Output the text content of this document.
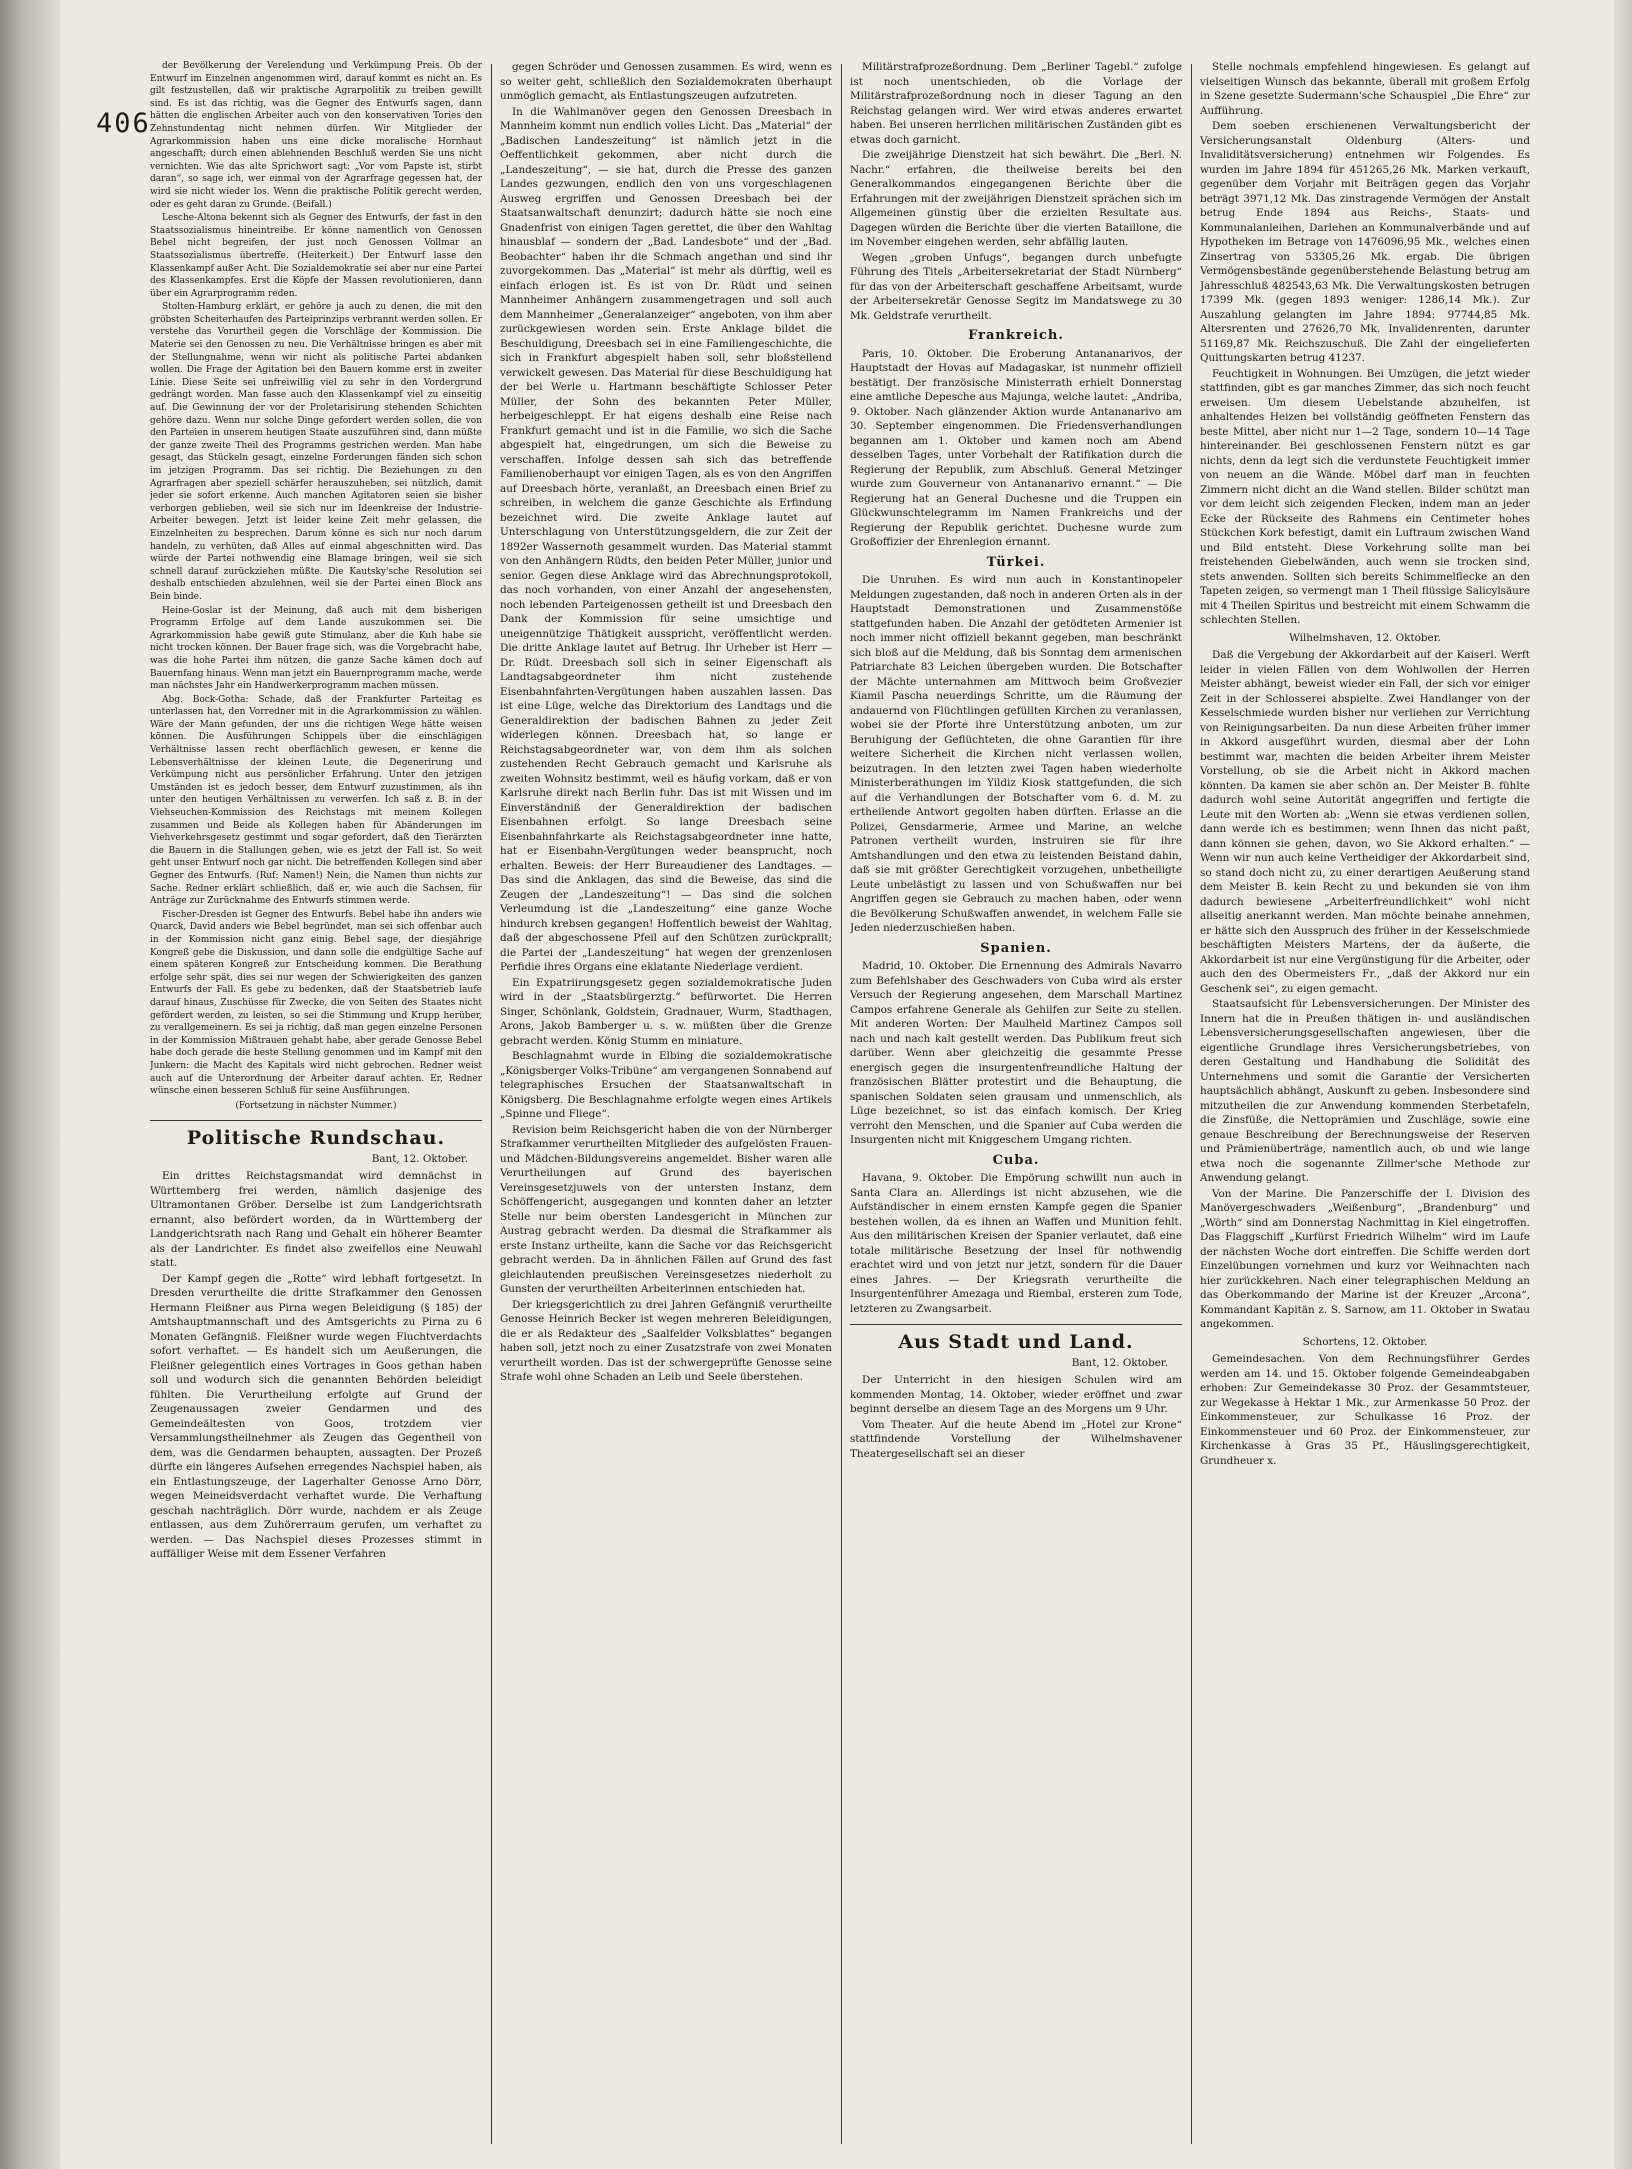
406

der Bevölkerung der Verelendung und Verkümpung Preis. Ob der Entwurf im Einzelnen angenommen wird, darauf kommt es nicht an. Es gilt festzustellen, daß wir praktische Agrarpolitik zu treiben gewillt sind. Es ist das richtig, was die Gegner des Entwurfs sagen, dann hätten die englischen Arbeiter auch von den konservativen Tories den Zehnstundentag nicht nehmen dürfen. Wir Mitglieder der Agrarkommission haben uns eine dicke moralische Hornhaut angeschafft; durch einen ablehnenden Beschluß werden Sie uns nicht vernichten. Wie das alte Sprichwort sagt: „Vor vom Papste ist, stirbt daran“, so sage ich, wer einmal von der Agrarfrage gegessen hat, der wird sie nicht wieder los. Wenn die praktische Politik gerecht werden, oder es geht daran zu Grunde. (Beifall.)

Lesche-Altona bekennt sich als Gegner des Entwurfs, der fast in den Staatssozialismus hineintreibe. Er könne namentlich von Genossen Bebel nicht begreifen, der just noch Genossen Vollmar an Staatssozialismus übertreffe. (Heiterkeit.) Der Entwurf lasse den Klassenkampf außer Acht. Die Sozialdemokratie sei aber nur eine Partei des Klassenkampfes. Erst die Köpfe der Massen revolutionieren, dann über ein Agrarprogramm reden.

Stolten-Hamburg erklärt, er gehöre ja auch zu denen, die mit den gröbsten Scheiterhaufen des Parteiprinzips verbrannt werden sollen. Er verstehe das Vorurtheil gegen die Vorschläge der Kommission. Die Materie sei den Genossen zu neu. Die Verhältnisse bringen es aber mit der Stellungnahme, wenn wir nicht als politische Partei abdanken wollen. Die Frage der Agitation bei den Bauern komme erst in zweiter Linie. Diese Seite sei unfreiwillig viel zu sehr in den Vordergrund gedrängt worden. Man fasse auch den Klassenkampf viel zu einseitig auf. Die Gewinnung der vor der Proletarisirung stehenden Schichten gehöre dazu. Wenn nur solche Dinge gefordert werden sollen, die von den Parteien in unserem heutigen Staate auszuführen sind, dann müßte der ganze zweite Theil des Programms gestrichen werden. Man habe gesagt, das Stückeln gesagt, einzelne Forderungen fänden sich schon im jetzigen Programm. Das sei richtig. Die Beziehungen zu den Agrarfragen aber speziell schärfer herauszuheben, sei nützlich, damit jeder sie sofort erkenne. Auch manchen Agitatoren seien sie bisher verborgen geblieben, weil sie sich nur im Ideenkreise der Industrie-Arbeiter bewegen. Jetzt ist leider keine Zeit mehr gelassen, die Einzelnheiten zu besprechen. Darum könne es sich nur noch darum handeln, zu verhüten, daß Alles auf einmal abgeschnitten wird. Das würde der Partei nothwendig eine Blamage bringen, weil sie sich schnell darauf zurückziehen müßte. Die Kautsky'sche Resolution sei deshalb entschieden abzulehnen, weil sie der Partei einen Block ans Bein binde.

Heine-Goslar ist der Meinung, daß auch mit dem bisherigen Programm Erfolge auf dem Lande auszukommen sei. Die Agrarkommission habe gewiß gute Stimulanz, aber die Kuh habe sie nicht trocken können. Der Bauer frage sich, was die Vorgebracht habe, was die hohe Partei ihm nützen, die ganze Sache kämen doch auf Bauernfang hinaus. Wenn man jetzt ein Bauernprogramm mache, werde man nächstes Jahr ein Handwerkerprogramm machen müssen.

Abg. Bock-Gotha: Schade, daß der Frankfurter Parteitag es unterlassen hat, den Vorredner mit in die Agrarkommission zu wählen. Wäre der Mann gefunden, der uns die richtigen Wege hätte weisen können. Die Ausführungen Schippels über die einschlägigen Verhältnisse lassen recht oberflächlich gewesen, er kenne die Lebensverhältnisse der kleinen Leute, die Degenerirung und Verkümpung nicht aus persönlicher Erfahrung. Unter den jetzigen Umständen ist es jedoch besser, dem Entwurf zuzustimmen, als ihn unter den heutigen Verhältnissen zu verwerfen. Ich saß z. B. in der Viehseuchen-Kommission des Reichstags mit meinem Kollegen zusammen und Beide als Kollegen haben für Abänderungen im Viehverkehrsgesetz gestimmt und sogar gefordert, daß den Tierärzten die Bauern in die Stallungen gehen, wie es jetzt der Fall ist. So weit geht unser Entwurf noch gar nicht. Die betreffenden Kollegen sind aber Gegner des Entwurfs. (Ruf: Namen!) Nein, die Namen thun nichts zur Sache. Redner erklärt schließlich, daß er, wie auch die Sachsen, für Anträge zur Zurücknahme des Entwurfs stimmen werde.

Fischer-Dresden ist Gegner des Entwurfs. Bebel habe ihn anders wie Quarck, David anders wie Bebel begründet, man sei sich offenbar auch in der Kommission nicht ganz einig. Bebel sage, der diesjährige Kongreß gebe die Diskussion, und dann solle die endgültige Sache auf einem späteren Kongreß zur Entscheidung kommen. Die Berathung erfolge sehr spät, dies sei nur wegen der Schwierigkeiten des ganzen Entwurfs der Fall. Es gebe zu bedenken, daß der Staatsbetrieb laufe darauf hinaus, Zuschüsse für Zwecke, die von Seiten des Staates nicht gefördert werden, zu leisten, so sei die Stimmung und Krupp herüber, zu verallgemeinern. Es sei ja richtig, daß man gegen einzelne Personen in der Kommission Mißtrauen gehabt habe, aber gerade Genosse Bebel habe doch gerade die beste Stellung genommen und im Kampf mit den Junkern: die Macht des Kapitals wird nicht gebrochen. Redner weist auch auf die Unterordnung der Arbeiter darauf achten. Er, Redner wünsche einen besseren Schluß für seine Ausführungen.

(Fortsetzung in nächster Nummer.)
Politische Rundschau.
Bant, 12. Oktober.

Ein drittes Reichstagsmandat wird demnächst in Württemberg frei werden, nämlich dasjenige des Ultramontanen Gröber. Derselbe ist zum Landgerichtsrath ernannt, also befördert worden, da in Württemberg der Landgerichtsrath nach Rang und Gehalt ein höherer Beamter als der Landrichter. Es findet also zweifellos eine Neuwahl statt.

Der Kampf gegen die „Rotte“ wird lebhaft fortgesetzt. In Dresden verurtheilte die dritte Strafkammer den Genossen Hermann Fleißner aus Pirna wegen Beleidigung (§ 185) der Amtshauptmannschaft und des Amtsgerichts zu Pirna zu 6 Monaten Gefängniß. Fleißner wurde wegen Fluchtverdachts sofort verhaftet. — Es handelt sich um Aeußerungen, die Fleißner gelegentlich eines Vortrages in Goos gethan haben soll und wodurch sich die genannten Behörden beleidigt fühlten. Die Verurtheilung erfolgte auf Grund der Zeugenaussagen zweier Gendarmen und des Gemeindeältesten von Goos, trotzdem vier Versammlungstheilnehmer als Zeugen das Gegentheil von dem, was die Gendarmen behaupten, aussagten. Der Prozeß dürfte ein längeres Aufsehen erregendes Nachspiel haben, als ein Entlastungszeuge, der Lagerhalter Genosse Arno Dörr, wegen Meineidsverdacht verhaftet wurde. Die Verhaftung geschah nachträglich. Dörr wurde, nachdem er als Zeuge entlassen, aus dem Zuhörerraum gerufen, um verhaftet zu werden. — Das Nachspiel dieses Prozesses stimmt in auffälliger Weise mit dem Essener Verfahren

gegen Schröder und Genossen zusammen. Es wird, wenn es so weiter geht, schließlich den Sozialdemokraten überhaupt unmöglich gemacht, als Entlastungszeugen aufzutreten.

In die Wahlmanöver gegen den Genossen Dreesbach in Mannheim kommt nun endlich volles Licht. Das „Material“ der „Badischen Landeszeitung“ ist nämlich jetzt in die Oeffentlichkeit gekommen, aber nicht durch die „Landeszeitung“, — sie hat, durch die Presse des ganzen Landes gezwungen, endlich den von uns vorgeschlagenen Ausweg ergriffen und Genossen Dreesbach bei der Staatsanwaltschaft denunzirt; dadurch hätte sie noch eine Gnadenfrist von einigen Tagen gerettet, die über den Wahltag hinausblaf — sondern der „Bad. Landesbote“ und der „Bad. Beobachter“ haben ihr die Schmach angethan und sind ihr zuvorgekommen. Das „Material“ ist mehr als dürftig, weil es einfach erlogen ist. Es ist von Dr. Rüdt und seinen Mannheimer Anhängern zusammengetragen und soll auch dem Mannheimer „Generalanzeiger“ angeboten, von ihm aber zurückgewiesen worden sein. Erste Anklage bildet die Beschuldigung, Dreesbach sei in eine Familiengeschichte, die sich in Frankfurt abgespielt haben soll, sehr bloßstellend verwickelt gewesen. Das Material für diese Beschuldigung hat der bei Werle u. Hartmann beschäftigte Schlosser Peter Müller, der Sohn des bekannten Peter Müller, herbeigeschleppt. Er hat eigens deshalb eine Reise nach Frankfurt gemacht und ist in die Familie, wo sich die Sache abgespielt hat, eingedrungen, um sich die Beweise zu verschaffen. Infolge dessen sah sich das betreffende Familienoberhaupt vor einigen Tagen, als es von den Angriffen auf Dreesbach hörte, veranlaßt, an Dreesbach einen Brief zu schreiben, in welchem die ganze Geschichte als Erfindung bezeichnet wird. Die zweite Anklage lautet auf Unterschlagung von Unterstützungsgeldern, die zur Zeit der 1892er Wassernoth gesammelt wurden. Das Material stammt von den Anhängern Rüdts, den beiden Peter Müller, junior und senior. Gegen diese Anklage wird das Abrechnungsprotokoll, das noch vorhanden, von einer Anzahl der angesehensten, noch lebenden Parteigenossen getheilt ist und Dreesbach den Dank der Kommission für seine umsichtige und uneigennützige Thätigkeit ausspricht, veröffentlicht werden. Die dritte Anklage lautet auf Betrug. Ihr Urheber ist Herr — Dr. Rüdt. Dreesbach soll sich in seiner Eigenschaft als Landtagsabgeordneter ihm nicht zustehende Eisenbahnfahrten-Vergütungen haben auszahlen lassen. Das ist eine Lüge, welche das Direktorium des Landtags und die Generaldirektion der badischen Bahnen zu jeder Zeit widerlegen können. Dreesbach hat, so lange er Reichstagsabgeordneter war, von dem ihm als solchen zustehenden Recht Gebrauch gemacht und Karlsruhe als zweiten Wohnsitz bestimmt, weil es häufig vorkam, daß er von Karlsruhe direkt nach Berlin fuhr. Das ist mit Wissen und im Einverständniß der Generaldirektion der badischen Eisenbahnen erfolgt. So lange Dreesbach seine Eisenbahnfahrkarte als Reichstagsabgeordneter inne hatte, hat er Eisenbahn-Vergütungen weder beansprucht, noch erhalten. Beweis: der Herr Bureaudiener des Landtages. — Das sind die Anklagen, das sind die Beweise, das sind die Zeugen der „Landeszeitung“! — Das sind die solchen Verleumdung ist die „Landeszeitung“ eine ganze Woche hindurch krebsen gegangen! Hoffentlich beweist der Wahltag, daß der abgeschossene Pfeil auf den Schützen zurückprallt; die Partei der „Landeszeitung“ hat wegen der grenzenlosen Perfidie ihres Organs eine eklatante Niederlage verdient.

Ein Expatriirungsgesetz gegen sozialdemokratische Juden wird in der „Staatsbürgerztg.“ befürwortet. Die Herren Singer, Schönlank, Goldstein, Gradnauer, Wurm, Stadthagen, Arons, Jakob Bamberger u. s. w. müßten über die Grenze gebracht werden. König Stumm en miniature.

Beschlagnahmt wurde in Elbing die sozialdemokratische „Königsberger Volks-Tribüne“ am vergangenen Sonnabend auf telegraphisches Ersuchen der Staatsanwaltschaft in Königsberg. Die Beschlagnahme erfolgte wegen eines Artikels „Spinne und Fliege“.

Revision beim Reichsgericht haben die von der Nürnberger Strafkammer verurtheilten Mitglieder des aufgelösten Frauen- und Mädchen-Bildungsvereins angemeldet. Bisher waren alle Verurtheilungen auf Grund des bayerischen Vereinsgesetzjuwels von der untersten Instanz, dem Schöffengericht, ausgegangen und konnten daher an letzter Stelle nur beim obersten Landesgericht in München zur Austrag gebracht werden. Da diesmal die Strafkammer als erste Instanz urtheilte, kann die Sache vor das Reichsgericht gebracht werden. Da in ähnlichen Fällen auf Grund des fast gleichlautenden preußischen Vereinsgesetzes niederholt zu Gunsten der verurtheilten Arbeiterinnen entschieden hat.

Der kriegsgerichtlich zu drei Jahren Gefängniß verurtheilte Genosse Heinrich Becker ist wegen mehreren Beleidigungen, die er als Redakteur des „Saalfelder Volksblattes“ begangen haben soll, jetzt noch zu einer Zusatzstrafe von zwei Monaten verurtheilt worden. Das ist der schwergeprüfte Genosse seine Strafe wohl ohne Schaden an Leib und Seele überstehen.

Militärstrafprozeßordnung. Dem „Berliner Tagebl.“ zufolge ist noch unentschieden, ob die Vorlage der Militärstrafprozeßordnung noch in dieser Tagung an den Reichstag gelangen wird. Wer wird etwas anderes erwartet haben. Bei unseren herrlichen militärischen Zuständen gibt es etwas doch garnicht.

Die zweijährige Dienstzeit hat sich bewährt. Die „Berl. N. Nachr.“ erfahren, die theilweise bereits bei den Generalkommandos eingegangenen Berichte über die Erfahrungen mit der zweijährigen Dienstzeit sprächen sich im Allgemeinen günstig über die erzielten Resultate aus. Dagegen würden die Berichte über die vierten Bataillone, die im November eingehen werden, sehr abfällig lauten.

Wegen „groben Unfugs“, begangen durch unbefugte Führung des Titels „Arbeitersekretariat der Stadt Nürnberg“ für das von der Arbeiterschaft geschaffene Arbeitsamt, wurde der Arbeitersekretär Genosse Segitz im Mandatswege zu 30 Mk. Geldstrafe verurtheilt.

Frankreich.

Paris, 10. Oktober. Die Eroberung Antananarivos, der Hauptstadt der Hovas auf Madagaskar, ist nunmehr offiziell bestätigt. Der französische Ministerrath erhielt Donnerstag eine amtliche Depesche aus Majunga, welche lautet: „Andriba, 9. Oktober. Nach glänzender Aktion wurde Antananarivo am 30. September eingenommen. Die Friedensverhandlungen begannen am 1. Oktober und kamen noch am Abend desselben Tages, unter Vorbehalt der Ratifikation durch die Regierung der Republik, zum Abschluß. General Metzinger wurde zum Gouverneur von Antananarivo ernannt.“ — Die Regierung hat an General Duchesne und die Truppen ein Glückwunschtelegramm im Namen Frankreichs und der Regierung der Republik gerichtet. Duchesne wurde zum Großoffizier der Ehrenlegion ernannt.

Türkei.

Die Unruhen. Es wird nun auch in Konstantinopeler Meldungen zugestanden, daß noch in anderen Orten als in der Hauptstadt Demonstrationen und Zusammenstöße stattgefunden haben. Die Anzahl der getödteten Armenier ist noch immer nicht offiziell bekannt gegeben, man beschränkt sich bloß auf die Meldung, daß bis Sonntag dem armenischen Patriarchate 83 Leichen übergeben wurden. Die Botschafter der Mächte unternahmen am Mittwoch beim Großvezier Kiamil Pascha neuerdings Schritte, um die Räumung der andauernd von Flüchtlingen gefüllten Kirchen zu veranlassen, wobei sie der Pforte ihre Unterstützung anboten, um zur Beruhigung der Geflüchteten, die ohne Garantien für ihre weitere Sicherheit die Kirchen nicht verlassen wollen, beizutragen. In den letzten zwei Tagen haben wiederholte Ministerberathungen im Yildiz Kiosk stattgefunden, die sich auf die Verhandlungen der Botschafter vom 6. d. M. zu ertheilende Antwort gegolten haben dürften. Erlasse an die Polizei, Gensdarmerie, Armee und Marine, an welche Patronen vertheilt wurden, instruiren sie für ihre Amtshandlungen und den etwa zu leistenden Beistand dahin, daß sie mit größter Gerechtigkeit vorzugehen, unbetheiligte Leute unbelästigt zu lassen und von Schußwaffen nur bei Angriffen gegen sie Gebrauch zu machen haben, oder wenn die Bevölkerung Schußwaffen anwendet, in welchem Falle sie Jeden niederzuschießen haben.

Spanien.

Madrid, 10. Oktober. Die Ernennung des Admirals Navarro zum Befehlshaber des Geschwaders von Cuba wird als erster Versuch der Regierung angesehen, dem Marschall Martinez Campos erfahrene Generale als Gehilfen zur Seite zu stellen. Mit anderen Worten: Der Maulheld Martinez Campos soll nach und nach kalt gestellt werden. Das Publikum freut sich darüber. Wenn aber gleichzeitig die gesammte Presse energisch gegen die insurgentenfreundliche Haltung der französischen Blätter protestirt und die Behauptung, die spanischen Soldaten seien grausam und unmenschlich, als Lüge bezeichnet, so ist das einfach komisch. Der Krieg verroht den Menschen, und die Spanier auf Cuba werden die Insurgenten nicht mit Kniggeschem Umgang richten.

Cuba.

Havana, 9. Oktober. Die Empörung schwillt nun auch in Santa Clara an. Allerdings ist nicht abzusehen, wie die Aufständischer in einem ernsten Kampfe gegen die Spanier bestehen wollen, da es ihnen an Waffen und Munition fehlt. Aus den militärischen Kreisen der Spanier verlautet, daß eine totale militärische Besetzung der Insel für nothwendig erachtet wird und von jetzt nur jetzt, sondern für die Dauer eines Jahres. — Der Kriegsrath verurtheilte die Insurgentenführer Amezaga und Riembal, ersteren zum Tode, letzteren zu Zwangsarbeit.

Aus Stadt und Land.
Bant, 12. Oktober.

Der Unterricht in den hiesigen Schulen wird am kommenden Montag, 14. Oktober, wieder eröffnet und zwar beginnt derselbe an diesem Tage an des Morgens um 9 Uhr.

Vom Theater. Auf die heute Abend im „Hotel zur Krone“ stattfindende Vorstellung der Wilhelmshavener Theatergesellschaft sei an dieser

Stelle nochmals empfehlend hingewiesen. Es gelangt auf vielseitigen Wunsch das bekannte, überall mit großem Erfolg in Szene gesetzte Sudermann'sche Schauspiel „Die Ehre“ zur Aufführung.

Dem soeben erschienenen Verwaltungsbericht der Versicherungsanstalt Oldenburg (Alters- und Invaliditätsversicherung) entnehmen wir Folgendes. Es wurden im Jahre 1894 für 451265,26 Mk. Marken verkauft, gegenüber dem Vorjahr mit Beiträgen gegen das Vorjahr beträgt 3971,12 Mk. Das zinstragende Vermögen der Anstalt betrug Ende 1894 aus Reichs-, Staats- und Kommunalanleihen, Darlehen an Kommunalverbände und auf Hypotheken im Betrage von 1476096,95 Mk., welches einen Zinsertrag von 53305,26 Mk. ergab. Die übrigen Vermögensbestände gegenüberstehende Belastung betrug am Jahresschluß 482543,63 Mk. Die Verwaltungskosten betrugen 17399 Mk. (gegen 1893 weniger: 1286,14 Mk.). Zur Auszahlung gelangten im Jahre 1894: 97744,85 Mk. Altersrenten und 27626,70 Mk. Invalidenrenten, darunter 51169,87 Mk. Reichszuschuß. Die Zahl der eingelieferten Quittungskarten betrug 41237.

Feuchtigkeit in Wohnungen. Bei Umzügen, die jetzt wieder stattfinden, gibt es gar manches Zimmer, das sich noch feucht erweisen. Um diesem Uebelstande abzuhelfen, ist anhaltendes Heizen bei vollständig geöffneten Fenstern das beste Mittel, aber nicht nur 1—2 Tage, sondern 10—14 Tage hintereinander. Bei geschlossenen Fenstern nützt es gar nichts, denn da legt sich die verdunstete Feuchtigkeit immer von neuem an die Wände. Möbel darf man in feuchten Zimmern nicht dicht an die Wand stellen. Bilder schützt man vor dem leicht sich zeigenden Flecken, indem man an jeder Ecke der Rückseite des Rahmens ein Centimeter hohes Stückchen Kork befestigt, damit ein Luftraum zwischen Wand und Bild entsteht. Diese Vorkehrung sollte man bei freistehenden Giebelwänden, auch wenn sie trocken sind, stets anwenden. Sollten sich bereits Schimmelflecke an den Tapeten zeigen, so vermengt man 1 Theil flüssige Salicylsäure mit 4 Theilen Spiritus und bestreicht mit einem Schwamm die schlechten Stellen.

Wilhelmshaven, 12. Oktober.

Daß die Vergebung der Akkordarbeit auf der Kaiserl. Werft leider in vielen Fällen von dem Wohlwollen der Herren Meister abhängt, beweist wieder ein Fall, der sich vor einiger Zeit in der Schlosserei abspielte. Zwei Handlanger von der Kesselschmiede wurden bisher nur verliehen zur Verrichtung von Reinigungsarbeiten. Da nun diese Arbeiten früher immer in Akkord ausgeführt wurden, diesmal aber der Lohn bestimmt war, machten die beiden Arbeiter ihrem Meister Vorstellung, ob sie die Arbeit nicht in Akkord machen könnten. Da kamen sie aber schön an. Der Meister B. fühlte dadurch wohl seine Autorität angegriffen und fertigte die Leute mit den Worten ab: „Wenn sie etwas verdienen sollen, dann werde ich es bestimmen; wenn Ihnen das nicht paßt, dann können sie gehen, davon, wo Sie Akkord erhalten.“ — Wenn wir nun auch keine Vertheidiger der Akkordarbeit sind, so stand doch nicht zu, zu einer derartigen Aeußerung stand dem Meister B. kein Recht zu und bekunden sie von ihm dadurch bewiesene „Arbeiterfreundlichkeit“ wohl nicht allseitig anerkannt werden. Man möchte beinahe annehmen, er hätte sich den Ausspruch des früher in der Kesselschmiede beschäftigten Meisters Martens, der da äußerte, die Akkordarbeit ist nur eine Vergünstigung für die Arbeiter, oder auch den des Obermeisters Fr., „daß der Akkord nur ein Geschenk sei“, zu eigen gemacht.

Staatsaufsicht für Lebensversicherungen. Der Minister des Innern hat die in Preußen thätigen in- und ausländischen Lebensversicherungsgesellschaften angewiesen, über die eigentliche Grundlage ihres Versicherungsbetriebes, von deren Gestaltung und Handhabung die Solidität des Unternehmens und somit die Garantie der Versicherten hauptsächlich abhängt, Auskunft zu geben. Insbesondere sind mitzutheilen die zur Anwendung kommenden Sterbetafeln, die Zinsfüße, die Nettoprämien und Zuschläge, sowie eine genaue Beschreibung der Berechnungsweise der Reserven und Prämienüberträge, namentlich auch, ob und wie lange etwa noch die sogenannte Zillmer'sche Methode zur Anwendung gelangt.

Von der Marine. Die Panzerschiffe der I. Division des Manövergeschwaders „Weißenburg“, „Brandenburg“ und „Wörth“ sind am Donnerstag Nachmittag in Kiel eingetroffen. Das Flaggschiff „Kurfürst Friedrich Wilhelm“ wird im Laufe der nächsten Woche dort eintreffen. Die Schiffe werden dort Einzelübungen vornehmen und kurz vor Weihnachten nach hier zurückkehren. Nach einer telegraphischen Meldung an das Oberkommando der Marine ist der Kreuzer „Arcona“, Kommandant Kapitän z. S. Sarnow, am 11. Oktober in Swatau angekommen.

Schortens, 12. Oktober.

Gemeindesachen. Von dem Rechnungsführer Gerdes werden am 14. und 15. Oktober folgende Gemeindeabgaben erhoben: Zur Gemeindekasse 30 Proz. der Gesammtsteuer, zur Wegekasse à Hektar 1 Mk., zur Armenkasse 50 Proz. der Einkommensteuer, zur Schulkasse 16 Proz. der Einkommensteuer und 60 Proz. der Einkommensteuer, zur Kirchenkasse à Gras 35 Pf., Häuslingsgerechtigkeit, Grundheuer x.
